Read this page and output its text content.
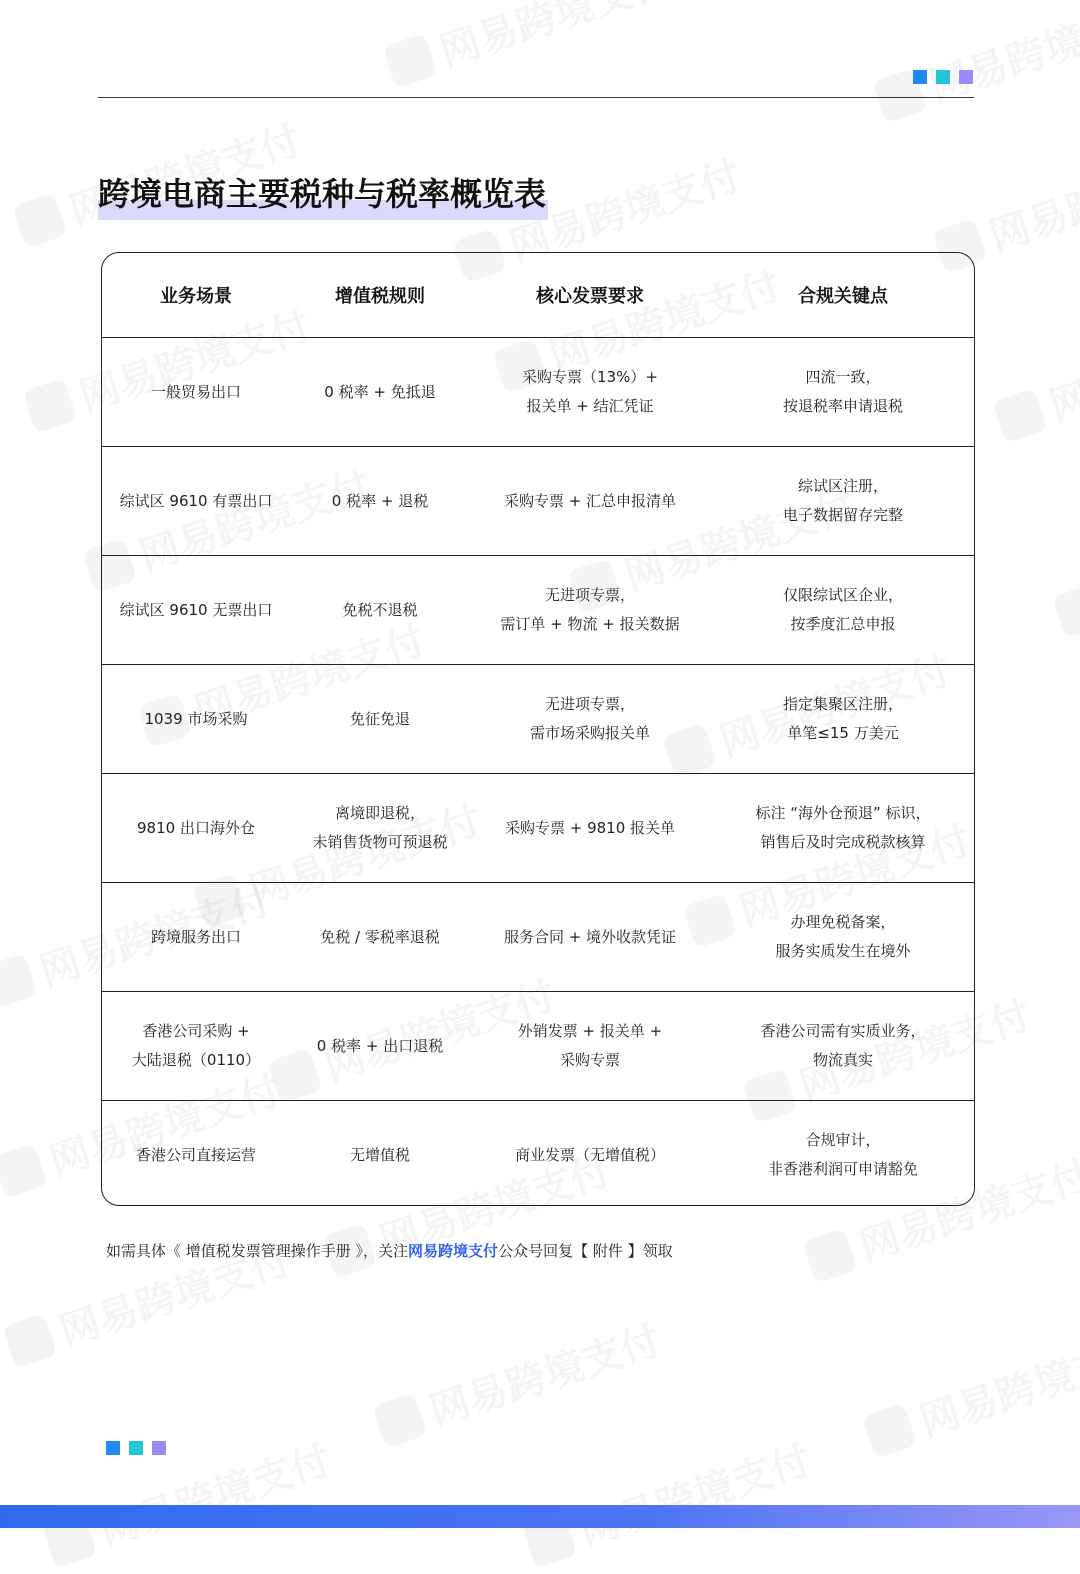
跨境电商主要税种与税率概览表
业务场景	增值税规则	核心发票要求	合规关键点

一般贸易出口	0 税率 + 免抵退	采购专票（13%）+
报关单 + 结汇凭证	四流一致，
按退税率申请退税

综试区 9610 有票出口	0 税率 + 退税	采购专票 + 汇总申报清单	综试区注册，
电子数据留存完整

综试区 9610 无票出口	免税不退税	无进项专票，
需订单 + 物流 + 报关数据	仅限综试区企业，
按季度汇总申报

1039 市场采购	免征免退	无进项专票，
需市场采购报关单	指定集聚区注册，
单笔≤15 万美元

9810 出口海外仓	离境即退税，
未销售货物可预退税	采购专票 + 9810 报关单	标注 “海外仓预退” 标识，
销售后及时完成税款核算

跨境服务出口	免税 / 零税率退税	服务合同 + 境外收款凭证	办理免税备案，
服务实质发生在境外

香港公司采购 +
大陆退税（0110）	0 税率 + 出口退税	外销发票 + 报关单 +
采购专票	香港公司需有实质业务，
物流真实

香港公司直接运营	无增值税	商业发票（无增值税）	合规审计，
非香港利润可申请豁免
如需具体《 增值税发票管理操作手册 》，关注网易跨境支付公众号回复【 附件 】领取
